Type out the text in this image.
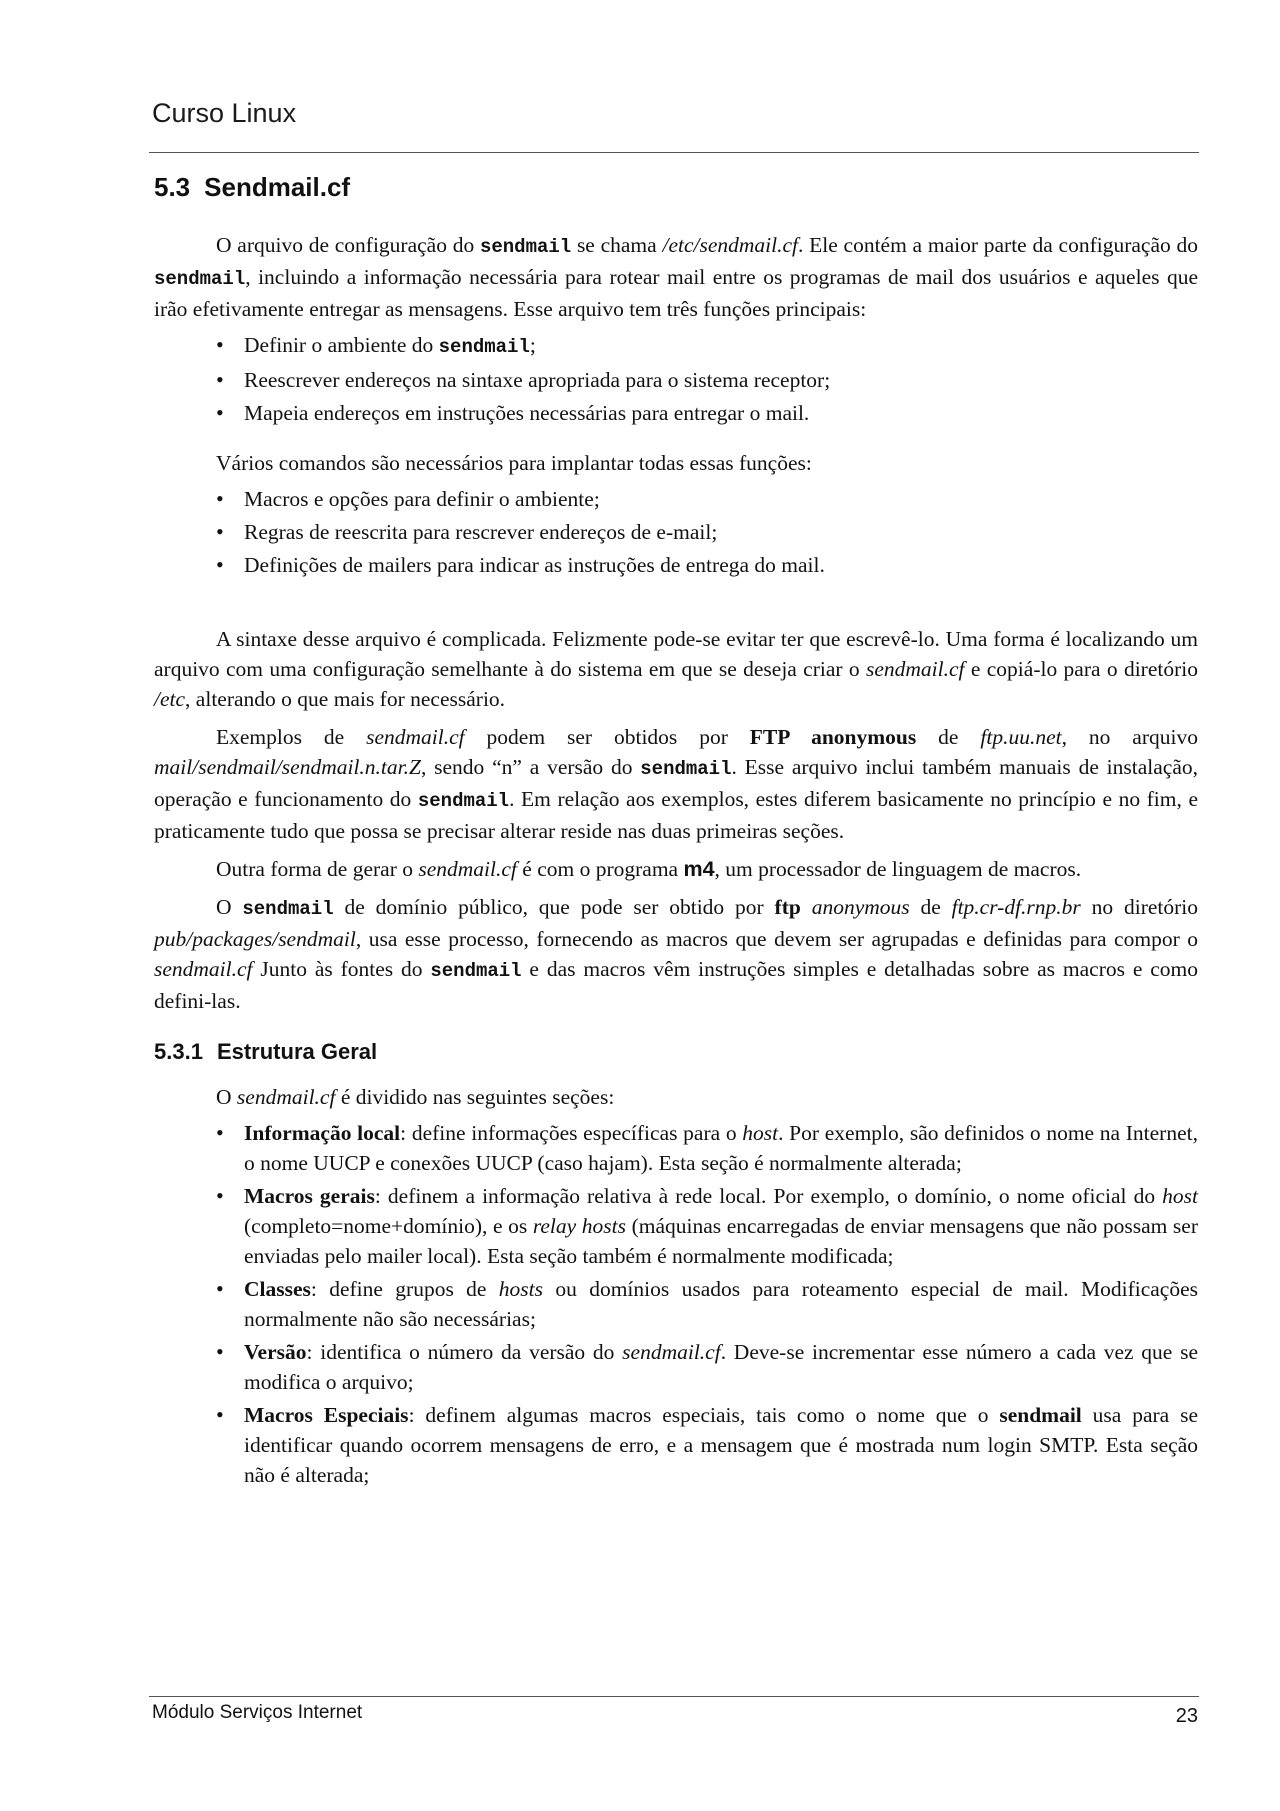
Curso Linux
5.3 Sendmail.cf

O arquivo de configuração do sendmail se chama /etc/sendmail.cf. Ele contém a maior parte da configuração do sendmail, incluindo a informação necessária para rotear mail entre os programas de mail dos usuários e aqueles que irão efetivamente entregar as mensagens. Esse arquivo tem três funções principais:

• Definir o ambiente do sendmail;
• Reescrever endereços na sintaxe apropriada para o sistema receptor;
• Mapeia endereços em instruções necessárias para entregar o mail.

Vários comandos são necessários para implantar todas essas funções:

• Macros e opções para definir o ambiente;
• Regras de reescrita para rescrever endereços de e-mail;
• Definições de mailers para indicar as instruções de entrega do mail.

A sintaxe desse arquivo é complicada. Felizmente pode-se evitar ter que escrevê-lo. Uma forma é localizando um arquivo com uma configuração semelhante à do sistema em que se deseja criar o sendmail.cf e copiá-lo para o diretório /etc, alterando o que mais for necessário.

Exemplos de sendmail.cf podem ser obtidos por FTP anonymous de ftp.uu.net, no arquivo mail/sendmail/sendmail.n.tar.Z, sendo “n” a versão do sendmail. Esse arquivo inclui também manuais de instalação, operação e funcionamento do sendmail. Em relação aos exemplos, estes diferem basicamente no princípio e no fim, e praticamente tudo que possa se precisar alterar reside nas duas primeiras seções.

Outra forma de gerar o sendmail.cf é com o programa m4, um processador de linguagem de macros.

O sendmail de domínio público, que pode ser obtido por ftp anonymous de ftp.cr-df.rnp.br no diretório pub/packages/sendmail, usa esse processo, fornecendo as macros que devem ser agrupadas e definidas para compor o sendmail.cf Junto às fontes do sendmail e das macros vêm instruções simples e detalhadas sobre as macros e como defini-las.

5.3.1 Estrutura Geral

O sendmail.cf é dividido nas seguintes seções:

• Informação local: define informações específicas para o host. Por exemplo, são definidos o nome na Internet, o nome UUCP e conexões UUCP (caso hajam). Esta seção é normalmente alterada;
• Macros gerais: definem a informação relativa à rede local. Por exemplo, o domínio, o nome oficial do host (completo=nome+domínio), e os relay hosts (máquinas encarregadas de enviar mensagens que não possam ser enviadas pelo mailer local). Esta seção também é normalmente modificada;
• Classes: define grupos de hosts ou domínios usados para roteamento especial de mail. Modificações normalmente não são necessárias;
• Versão: identifica o número da versão do sendmail.cf. Deve-se incrementar esse número a cada vez que se modifica o arquivo;
• Macros Especiais: definem algumas macros especiais, tais como o nome que o sendmail usa para se identificar quando ocorrem mensagens de erro, e a mensagem que é mostrada num login SMTP. Esta seção não é alterada;
Módulo Serviços Internet	23
